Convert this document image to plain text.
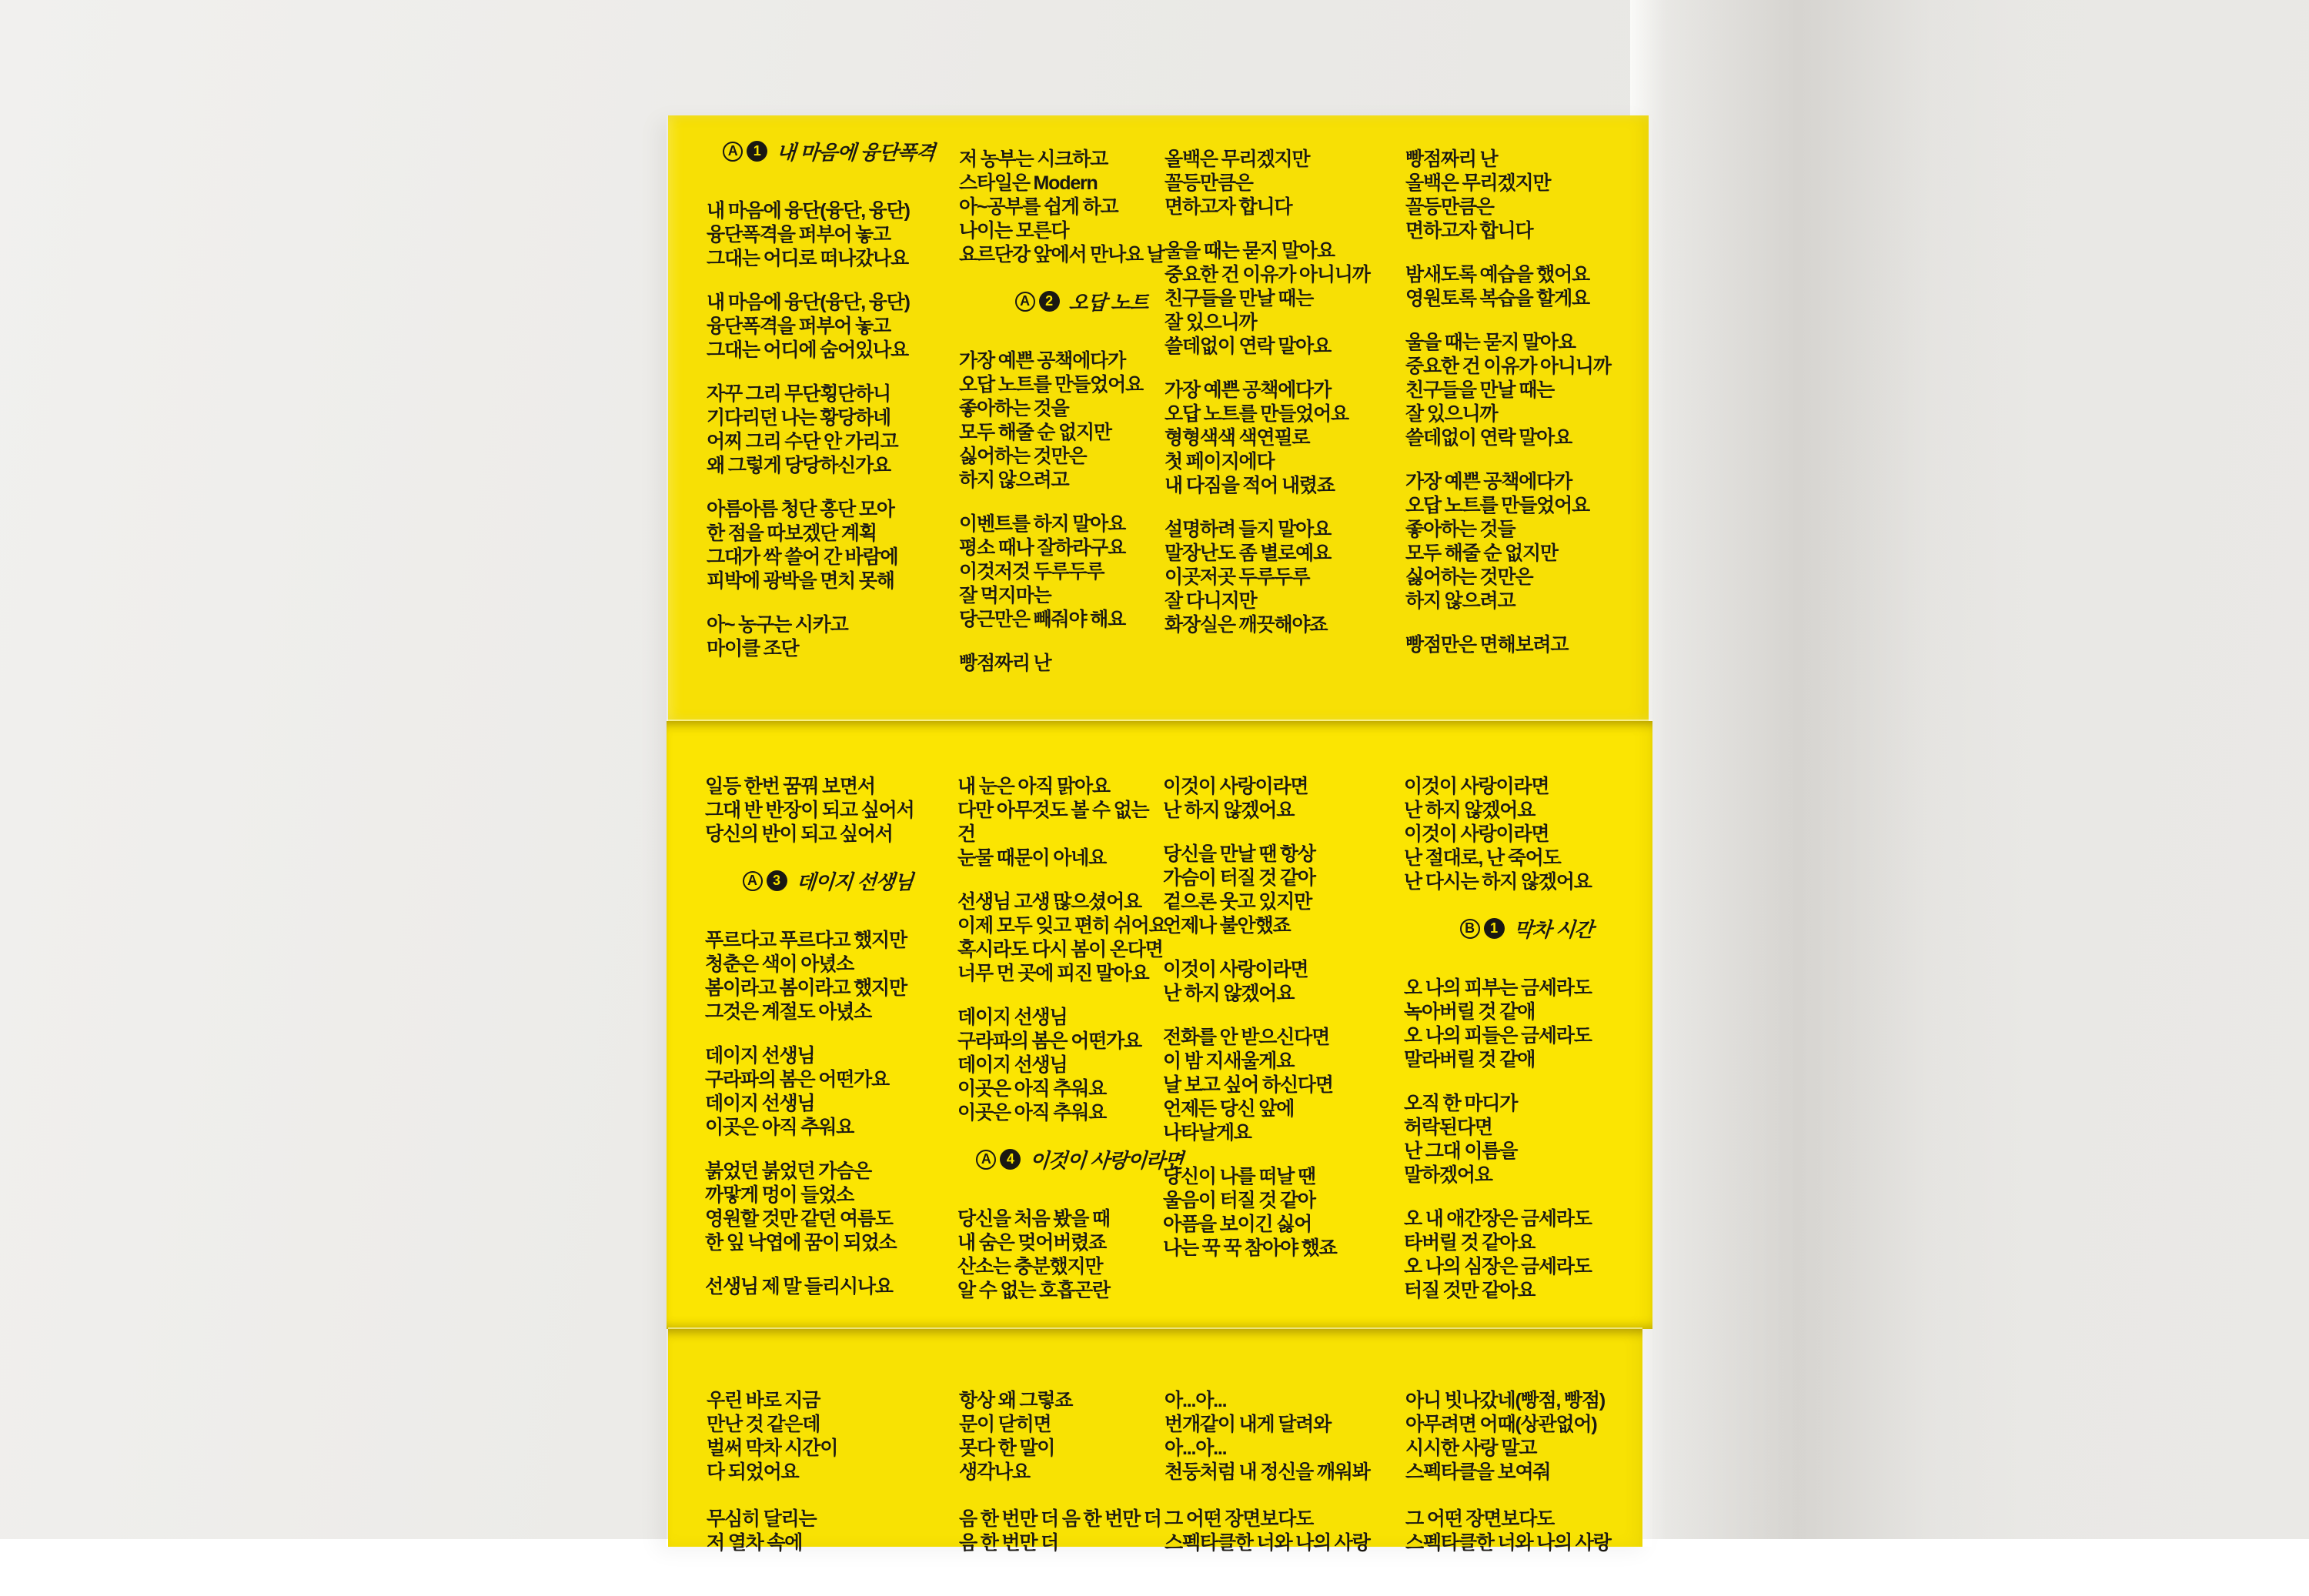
A	1 내 마음에 융단폭격
내 마음에 융단(융단, 융단)
융단폭격을 퍼부어 놓고
그대는 어디로 떠나갔나요
내 마음에 융단(융단, 융단)
융단폭격을 퍼부어 놓고
그대는 어디에 숨어있나요
자꾸 그리 무단횡단하니
기다리던 나는 황당하네
어찌 그리 수단 안 가리고
왜 그렇게 당당하신가요
아름아름 청단 홍단 모아
한 점을 따보겠단 계획
그대가 싹 쓸어 간 바람에
피박에 광박을 면치 못해
아~ 농구는 시카고
마이클 조단
저 농부는 시크하고
스타일은 Modern
아~공부를 쉽게 하고
나이는 모른다
요르단강 앞에서 만나요 날
A	2 오답 노트
가장 예쁜 공책에다가
오답 노트를 만들었어요
좋아하는 것을
모두 해줄 순 없지만
싫어하는 것만은
하지 않으려고
이벤트를 하지 말아요
평소 때나 잘하라구요
이것저것 두루두루
잘 먹지마는
당근만은 빼줘야 해요
빵점짜리 난
올백은 무리겠지만
꼴등만큼은
면하고자 합니다
울을 때는 묻지 말아요
중요한 건 이유가 아니니까
친구들을 만날 때는
잘 있으니까
쓸데없이 연락 말아요
가장 예쁜 공책에다가
오답 노트를 만들었어요
형형색색 색연필로
첫 페이지에다
내 다짐을 적어 내렸죠
설명하려 들지 말아요
말장난도 좀 별로예요
이곳저곳 두루두루
잘 다니지만
화장실은 깨끗해야죠
빵점짜리 난
올백은 무리겠지만
꼴등만큼은
면하고자 합니다
밤새도록 예습을 했어요
영원토록 복습을 할게요
울을 때는 묻지 말아요
중요한 건 이유가 아니니까
친구들을 만날 때는
잘 있으니까
쓸데없이 연락 말아요
가장 예쁜 공책에다가
오답 노트를 만들었어요
좋아하는 것들
모두 해줄 순 없지만
싫어하는 것만은
하지 않으려고
빵점만은 면해보려고
일등 한번 꿈꿔 보면서
그대 반 반장이 되고 싶어서
당신의 반이 되고 싶어서
A	3 데이지 선생님
푸르다고 푸르다고 했지만
청춘은 색이 아녔소
봄이라고 봄이라고 했지만
그것은 계절도 아녔소
데이지 선생님
구라파의 봄은 어떤가요
데이지 선생님
이곳은 아직 추워요
붉었던 붉었던 가슴은
까맣게 멍이 들었소
영원할 것만 같던 여름도
한 잎 낙엽에 꿈이 되었소
선생님 제 말 들리시나요
내 눈은 아직 맑아요
다만 아무것도 볼 수 없는
건
눈물 때문이 아네요
선생님 고생 많으셨어요
이제 모두 잊고 편히 쉬어요
혹시라도 다시 봄이 온다면
너무 먼 곳에 피진 말아요
데이지 선생님
구라파의 봄은 어떤가요
데이지 선생님
이곳은 아직 추워요
이곳은 아직 추워요
A	4 이것이 사랑이라면
당신을 처음 봤을 때
내 숨은 멎어버렸죠
산소는 충분했지만
알 수 없는 호흡곤란
이것이 사랑이라면
난 하지 않겠어요
당신을 만날 땐 항상
가슴이 터질 것 같아
겉으론 웃고 있지만
언제나 불안했죠
이것이 사랑이라면
난 하지 않겠어요
전화를 안 받으신다면
이 밤 지새울게요
날 보고 싶어 하신다면
언제든 당신 앞에
나타날게요
당신이 나를 떠날 땐
울음이 터질 것 같아
아픔을 보이긴 싫어
나는 꾹 꾹 참아야 했죠
이것이 사랑이라면
난 하지 않겠어요
이것이 사랑이라면
난 절대로, 난 죽어도
난 다시는 하지 않겠어요
B	1 막차 시간
오 나의 피부는 금세라도
녹아버릴 것 같애
오 나의 피들은 금세라도
말라버릴 것 같애
오직 한 마디가
허락된다면
난 그대 이름을
말하겠어요
오 내 애간장은 금세라도
타버릴 것 같아요
오 나의 심장은 금세라도
터질 것만 같아요
우린 바로 지금
만난 것 같은데
벌써 막차 시간이
다 되었어요
무심히 달리는
저 열차 속에
항상 왜 그렇죠
문이 닫히면
못다 한 말이
생각나요
음 한 번만 더 음 한 번만 더
음 한 번만 더
아...아...
번개같이 내게 달려와
아...아...
천둥처럼 내 정신을 깨워봐
그 어떤 장면보다도
스펙타클한 너와 나의 사랑
아니 빗나갔네(빵점, 빵점)
아무려면 어때(상관없어)
시시한 사랑 말고
스펙타클을 보여줘
그 어떤 장면보다도
스펙타클한 너와 나의 사랑
